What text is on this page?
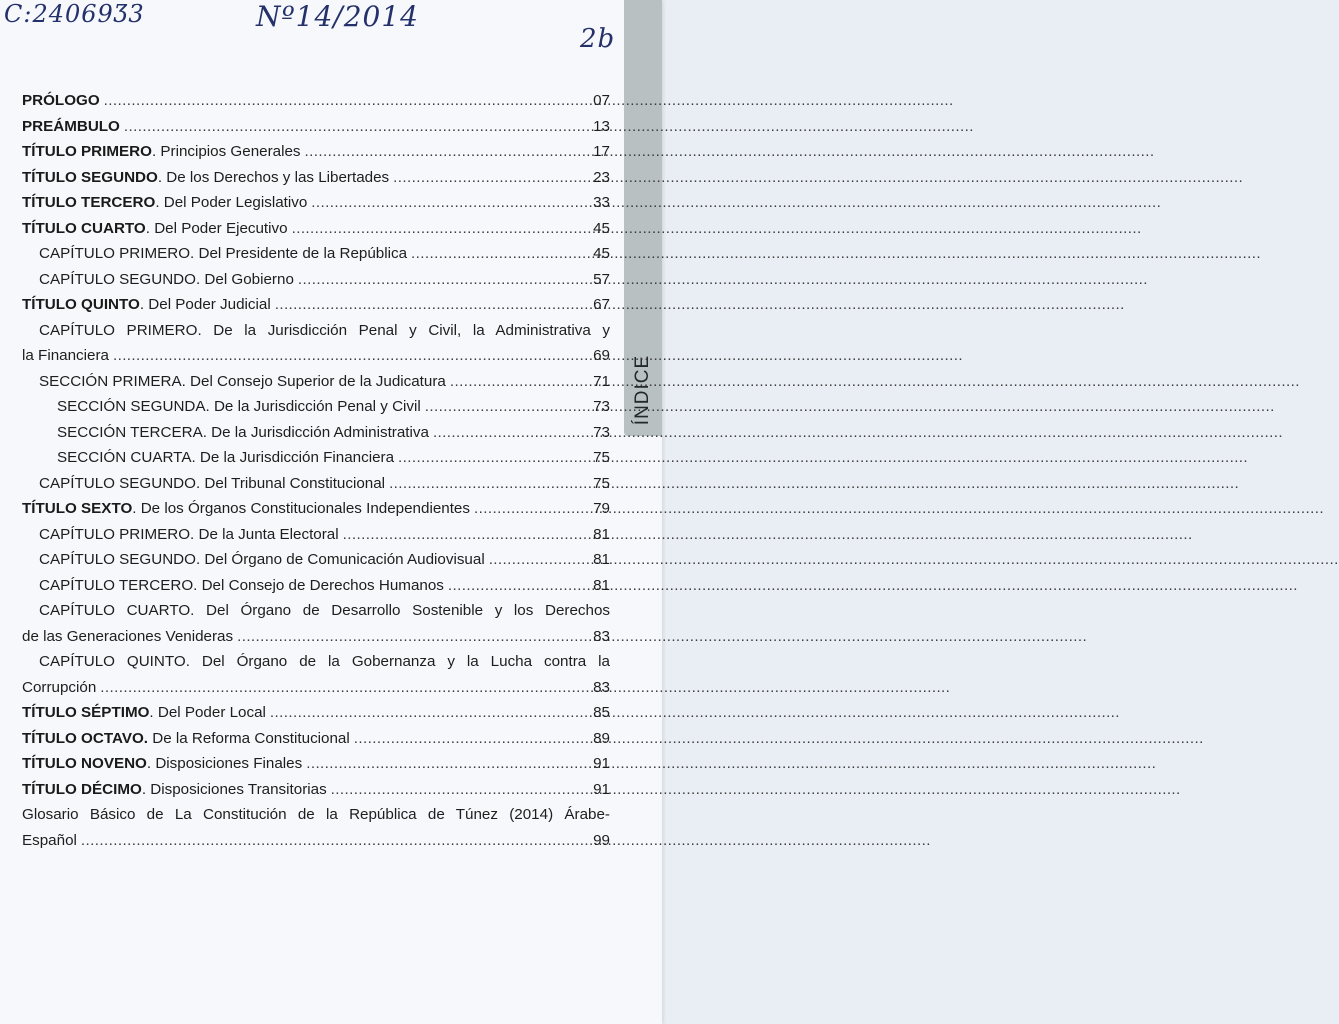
C:24069Ʒ3	Nº14/2014
2b
ÍNDICE
PRÓLOGO .....	07
PREÁMBULO .....	13
TÍTULO PRIMERO. Principios Generales .....	17
TÍTULO SEGUNDO. De los Derechos y las Libertades .....	23
TÍTULO TERCERO. Del Poder Legislativo .....	33
TÍTULO CUARTO. Del Poder Ejecutivo .....	45
CAPÍTULO PRIMERO. Del Presidente de la República .....	45
CAPÍTULO SEGUNDO. Del Gobierno .....	57
TÍTULO QUINTO. Del Poder Judicial .....	67
CAPÍTULO PRIMERO. De la Jurisdicción Penal y Civil, la Administrativa y
la Financiera .....	69
SECCIÓN PRIMERA. Del Consejo Superior de la Judicatura .....	71
SECCIÓN SEGUNDA. De la Jurisdicción Penal y Civil .....	73
SECCIÓN TERCERA. De la Jurisdicción Administrativa .....	73
SECCIÓN CUARTA. De la Jurisdicción Financiera .....	75
CAPÍTULO SEGUNDO. Del Tribunal Constitucional .....	75
TÍTULO SEXTO. De los Órganos Constitucionales Independientes .....	79
CAPÍTULO PRIMERO. De la Junta Electoral .....	81
CAPÍTULO SEGUNDO. Del Órgano de Comunicación Audiovisual .....	81
CAPÍTULO TERCERO. Del Consejo de Derechos Humanos .....	81
CAPÍTULO CUARTO. Del Órgano de Desarrollo Sostenible y los Derechos
de las Generaciones Venideras .....	83
CAPÍTULO QUINTO. Del Órgano de la Gobernanza y la Lucha contra la
Corrupción .....	83
TÍTULO SÉPTIMO. Del Poder Local .....	85
TÍTULO OCTAVO. De la Reforma Constitucional .....	89
TÍTULO NOVENO. Disposiciones Finales .....	91
TÍTULO DÉCIMO. Disposiciones Transitorias .....	91
Glosario Básico de La Constitución de la República de Túnez (2014) Árabe-
Español .....	99
